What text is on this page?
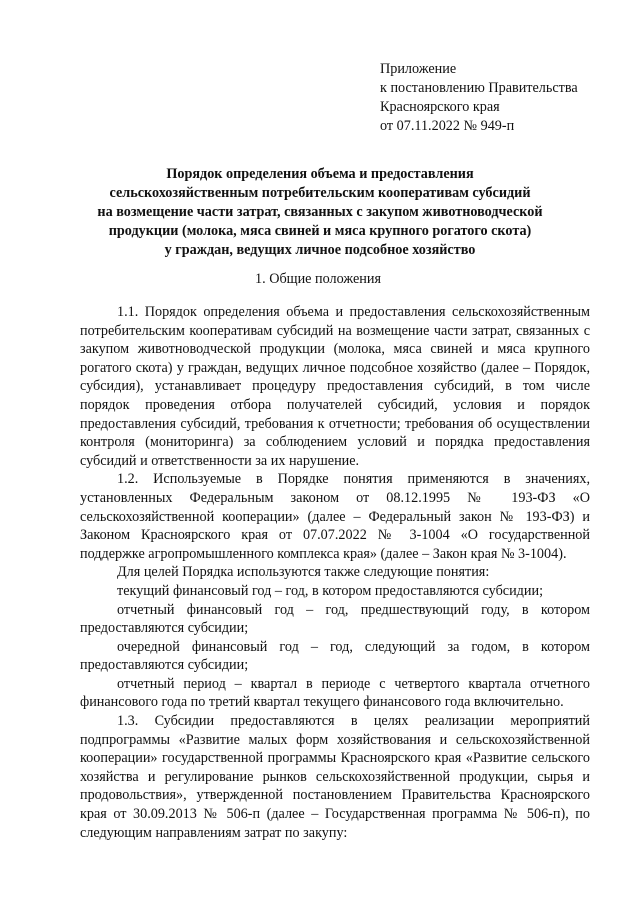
Приложение
к постановлению Правительства
Красноярского края
от 07.11.2022 № 949-п
Порядок определения объема и предоставления
сельскохозяйственным потребительским кооперативам субсидий
на возмещение части затрат, связанных с закупом животноводческой
продукции (молока, мяса свиней и мяса крупного рогатого скота)
у граждан, ведущих личное подсобное хозяйство
1. Общие положения

1.1. Порядок определения объема и предоставления сельскохозяйственным потребительским кооперативам субсидий на возмещение части затрат, связанных с закупом животноводческой продукции (молока, мяса свиней и мяса крупного рогатого скота) у граждан, ведущих личное подсобное хозяйство (далее – Порядок, субсидия), устанавливает процедуру предоставления субсидий, в том числе порядок проведения отбора получателей субсидий, условия и порядок предоставления субсидий, требования к отчетности; требования об осуществлении контроля (мониторинга) за соблюдением условий и порядка предоставления субсидий и ответственности за их нарушение.

1.2. Используемые в Порядке понятия применяются в значениях, установленных Федеральным законом от 08.12.1995 № 193-ФЗ «О сельскохозяйственной кооперации» (далее – Федеральный закон № 193-ФЗ) и Законом Красноярского края от 07.07.2022 № 3-1004 «О государственной поддержке агропромышленного комплекса края» (далее – Закон края № 3-1004).

Для целей Порядка используются также следующие понятия:

текущий финансовый год – год, в котором предоставляются субсидии;

отчетный финансовый год – год, предшествующий году, в котором предоставляются субсидии;

очередной финансовый год – год, следующий за годом, в котором предоставляются субсидии;

отчетный период – квартал в периоде с четвертого квартала отчетного финансового года по третий квартал текущего финансового года включительно.

1.3. Субсидии предоставляются в целях реализации мероприятий подпрограммы «Развитие малых форм хозяйствования и сельскохозяйственной кооперации» государственной программы Красноярского края «Развитие сельского хозяйства и регулирование рынков сельскохозяйственной продукции, сырья и продовольствия», утвержденной постановлением Правительства Красноярского края от 30.09.2013 № 506-п (далее – Государственная программа № 506-п), по следующим направлениям затрат по закупу:
